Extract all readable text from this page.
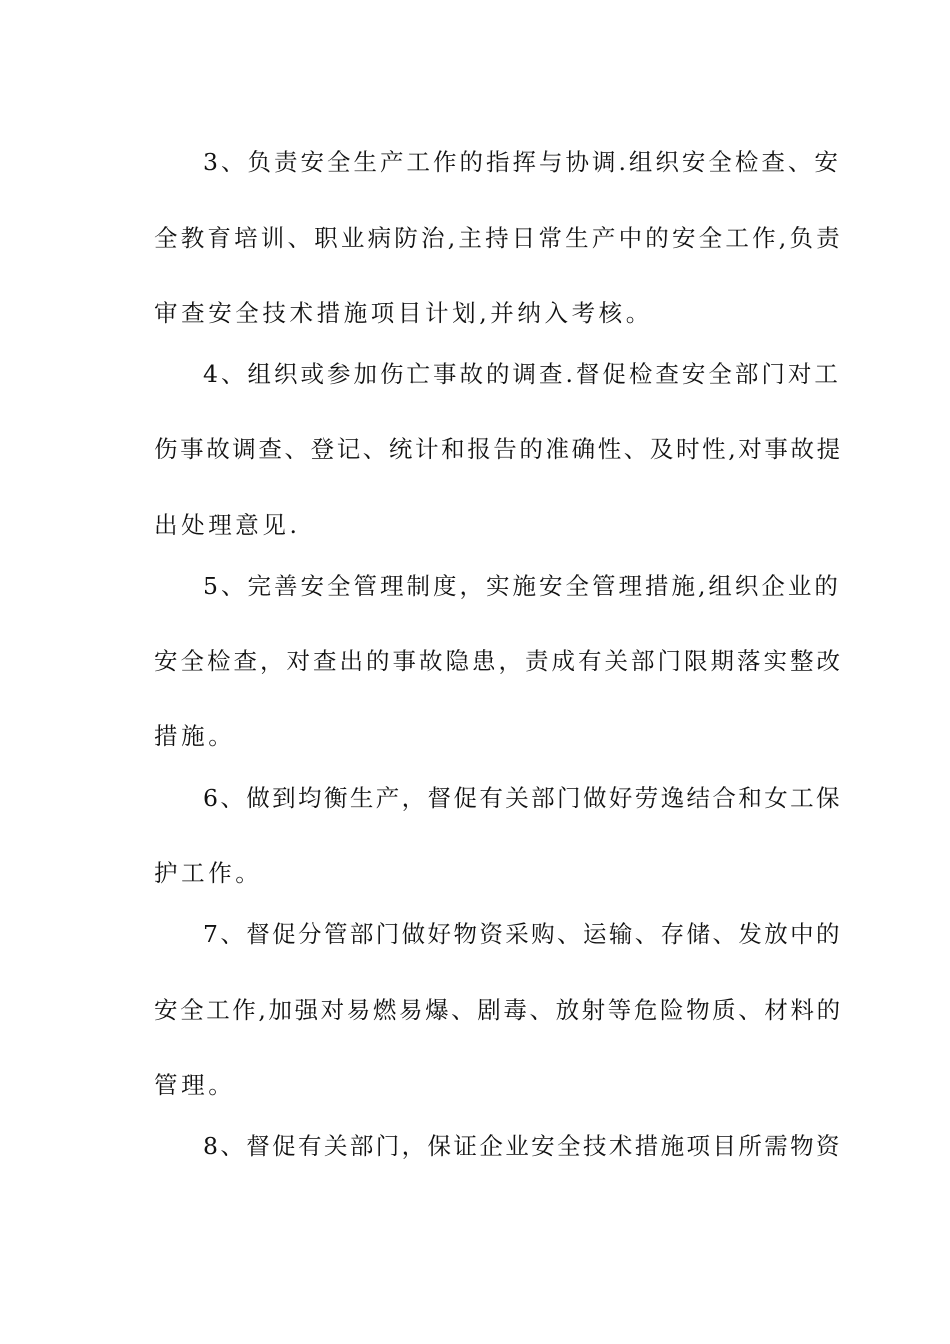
3、负责安全生产工作的指挥与协调.组织安全检查、安
全教育培训、职业病防治,主持日常生产中的安全工作,负责
审查安全技术措施项目计划,并纳入考核。
4、组织或参加伤亡事故的调查.督促检查安全部门对工
伤事故调查、登记、统计和报告的准确性、及时性,对事故提
出处理意见.
5、完善安全管理制度，实施安全管理措施,组织企业的
安全检查，对查出的事故隐患，责成有关部门限期落实整改
措施。
6、做到均衡生产，督促有关部门做好劳逸结合和女工保
护工作。
7、督促分管部门做好物资采购、运输、存储、发放中的
安全工作,加强对易燃易爆、剧毒、放射等危险物质、材料的
管理。
8、督促有关部门，保证企业安全技术措施项目所需物资
